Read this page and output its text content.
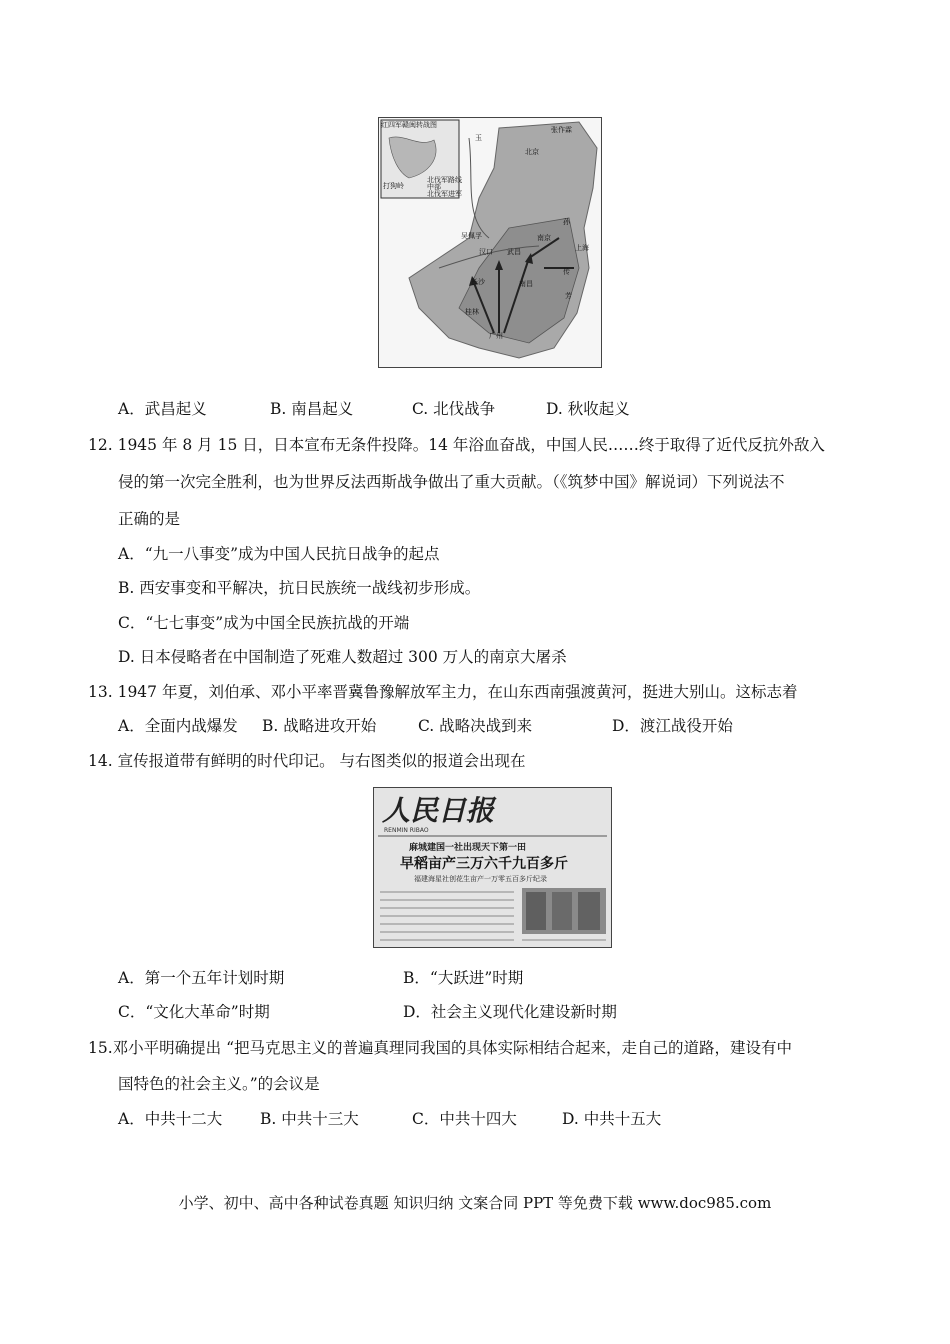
红四军赣闽转战图
打狗岭
北伐军路线
中部
北伐军进军
张作霖
北京
吴佩孚	南京
上海
汉口 武昌
长沙	南昌
桂林
广州
孙
传
芳
玉
A．武昌起义	B. 南昌起义	C. 北伐战争	D. 秋收起义
12. 1945 年 8 月 15 日，日本宣布无条件投降。14 年浴血奋战，中国人民……终于取得了近代反抗外敌入
侵的第一次完全胜利，也为世界反法西斯战争做出了重大贡献。（《筑梦中国》解说词）下列说法不
正确的是
A．“九一八事变”成为中国人民抗日战争的起点
B. 西安事变和平解决，抗日民族统一战线初步形成。
C．“七七事变”成为中国全民族抗战的开端
D. 日本侵略者在中国制造了死难人数超过 300 万人的南京大屠杀
13. 1947 年夏，刘伯承、邓小平率晋冀鲁豫解放军主力，在山东西南强渡黄河，挺进大别山。这标志着
A．全面内战爆发 B. 战略进攻开始	C. 战略决战到来	D．渡江战役开始
14. 宣传报道带有鲜明的时代印记。 与右图类似的报道会出现在
人民日报
RENMIN RIBAO
麻城建国一社出现天下第一田
早稻亩产三万六千九百多斤
福建海星社创花生亩产一万零五百多斤纪录
A．第一个五年计划时期	B．“大跃进”时期
C．“文化大革命”时期	D．社会主义现代化建设新时期
15.邓小平明确提出 “把马克思主义的普遍真理同我国的具体实际相结合起来，走自己的道路，建设有中
国特色的社会主义。”的会议是
A．中共十二大 B. 中共十三大	C．中共十四大	D. 中共十五大
小学、初中、高中各种试卷真题 知识归纳 文案合同 PPT 等免费下载 www.doc985.com
